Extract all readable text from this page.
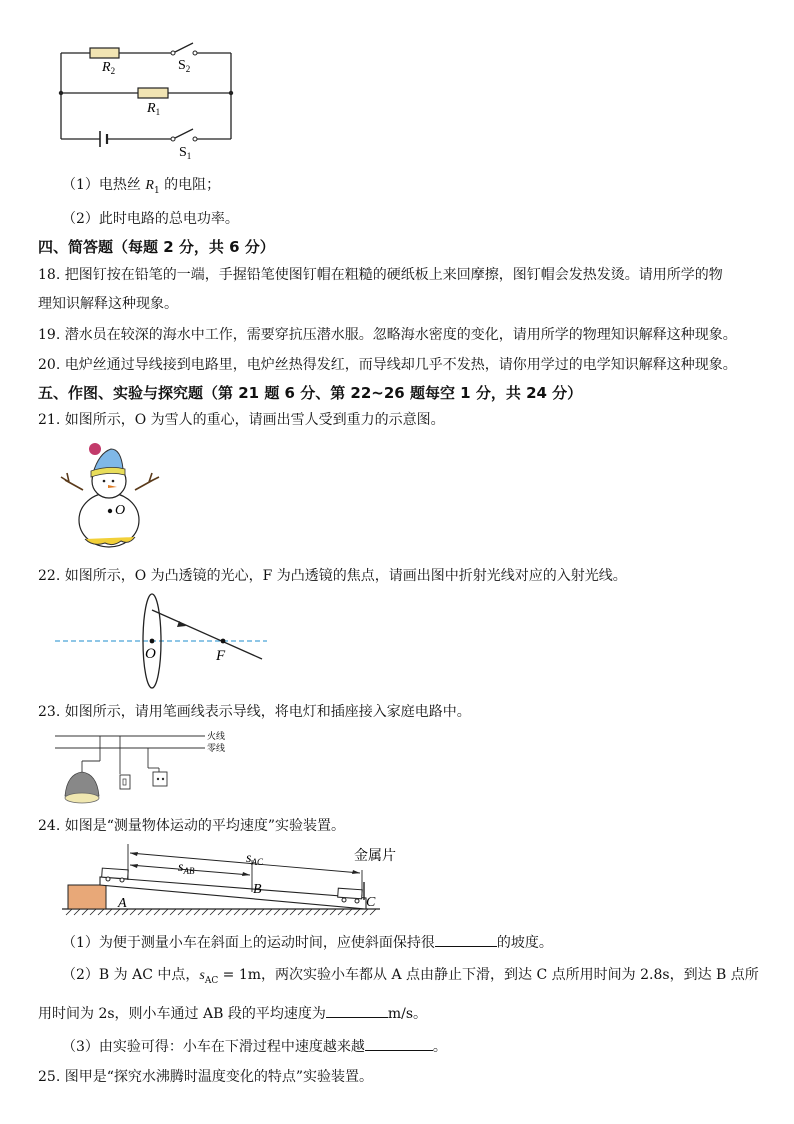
$R_2$	$S_2$
$R_1$
$S_1$
（1）电热丝 $R_1$ 的电阻；
（2）此时电路的总电功率。
四、简答题（每题 2 分，共 6 分）
18. 把图钉按在铅笔的一端，手握铅笔使图钉帽在粗糙的硬纸板上来回摩擦，图钉帽会发热发烫。请用所学的物
理知识解释这种现象。
19. 潜水员在较深的海水中工作，需要穿抗压潜水服。忽略海水密度的变化，请用所学的物理知识解释这种现象。
20. 电炉丝通过导线接到电路里，电炉丝热得发红，而导线却几乎不发热，请你用学过的电学知识解释这种现象。
五、作图、实验与探究题（第 21 题 6 分、第 22~26 题每空 1 分，共 24 分）
21. 如图所示，O 为雪人的重心，请画出雪人受到重力的示意图。
O
22. 如图所示，O 为凸透镜的光心，F 为凸透镜的焦点，请画出图中折射光线对应的入射光线。
O	F
23. 如图所示，请用笔画线表示导线，将电灯和插座接入家庭电路中。
火线
零线
24. 如图是“测量物体运动的平均速度”实验装置。
$s_{AC}$
$s_{AB}$
金属片
A
B
C
（1）为便于测量小车在斜面上的运动时间，应使斜面保持很	的坡度。
（2）B 为 AC 中点，$s_{AC} = 1m$，两次实验小车都从 A 点由静止下滑，到达 C 点所用时间为 2.8s，到达 B 点所
用时间为 2s，则小车通过 AB 段的平均速度为	m/s。
（3）由实验可得：小车在下滑过程中速度越来越	。
25. 图甲是“探究水沸腾时温度变化的特点”实验装置。
